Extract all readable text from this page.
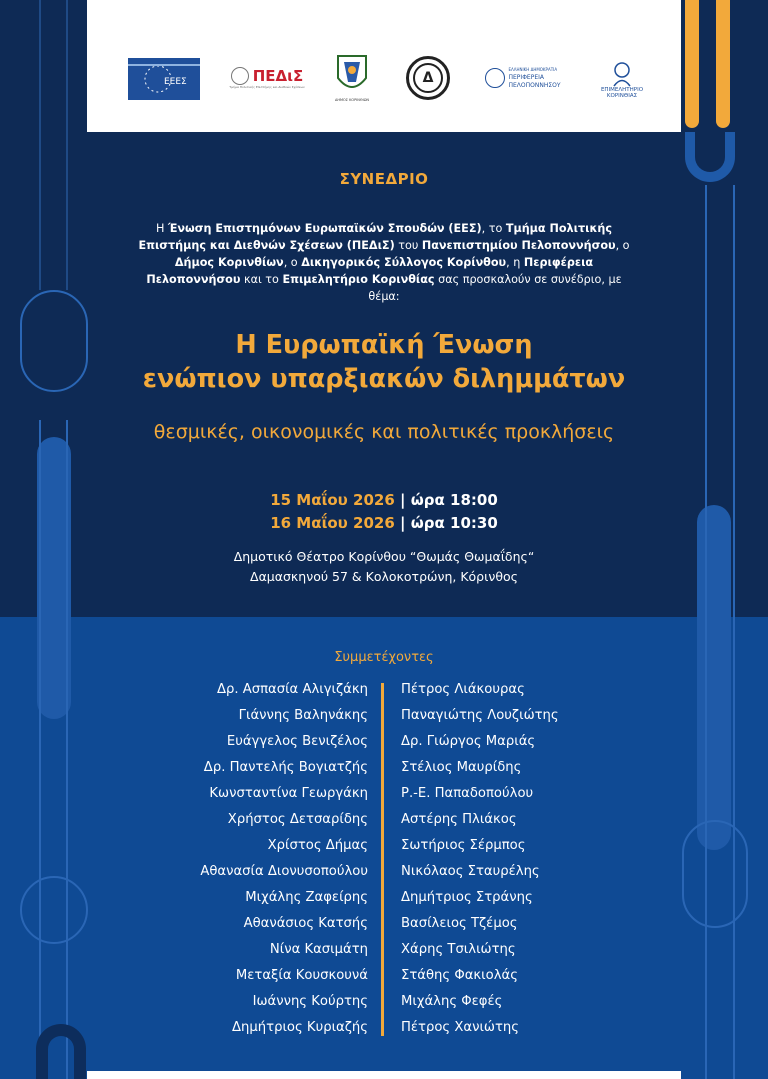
ΕΕΕΣ	ΠΕΔιΣ
Τμήμα Πολιτικής Επιστήμης και Διεθνών Σχέσεων
ΔΗΜΟΣ ΚΟΡΙΝΘΙΩΝ
Δ
ΕΛΛΗΝΙΚΗ ΔΗΜΟΚΡΑΤΙΑ
ΠΕΡΙΦΕΡΕΙΑ ΠΕΛΟΠΟΝΝΗΣΟΥ
ΕΠΙΜΕΛΗΤΗΡΙΟ
ΚΟΡΙΝΘΙΑΣ
ΣΥΝΕΔΡΙΟ
Η Ένωση Επιστημόνων Ευρωπαϊκών Σπουδών (ΕΕΣ), το Τμήμα Πολιτικής Επιστήμης και Διεθνών Σχέσεων (ΠΕΔιΣ) του Πανεπιστημίου Πελοποννήσου, ο Δήμος Κορινθίων, ο Δικηγορικός Σύλλογος Κορίνθου, η Περιφέρεια Πελοποννήσου και το Επιμελητήριο Κορινθίας σας προσκαλούν σε συνέδριο, με θέμα:
Η Ευρωπαϊκή Ένωση
ενώπιον υπαρξιακών διλημμάτων
θεσμικές, οικονομικές και πολιτικές προκλήσεις
15 Μαΐου 2026 | ώρα 18:00
16 Μαΐου 2026 | ώρα 10:30
Δημοτικό Θέατρο Κορίνθου “Θωμάς Θωμαΐδης“
Δαμασκηνού 57 & Κολοκοτρώνη, Κόρινθος
Συμμετέχοντες
Δρ. Ασπασία Αλιγιζάκη
Γιάννης Βαληνάκης
Ευάγγελος Βενιζέλος
Δρ. Παντελής Βογιατζής
Κωνσταντίνα Γεωργάκη
Χρήστος Δετσαρίδης
Χρίστος Δήμας
Αθανασία Διονυσοπούλου
Μιχάλης Ζαφείρης
Αθανάσιος Κατσής
Νίνα Κασιμάτη
Μεταξία Κουσκουνά
Ιωάννης Κούρτης
Δημήτριος Κυριαζής
Πέτρος Λιάκουρας
Παναγιώτης Λουζιώτης
Δρ. Γιώργος Μαριάς
Στέλιος Μαυρίδης
Ρ.-Ε. Παπαδοπούλου
Αστέρης Πλιάκος
Σωτήριος Σέρμπος
Νικόλαος Σταυρέλης
Δημήτριος Στράνης
Βασίλειος Τζέμος
Χάρης Τσιλιώτης
Στάθης Φακιολάς
Μιχάλης Φεφές
Πέτρος Χανιώτης
